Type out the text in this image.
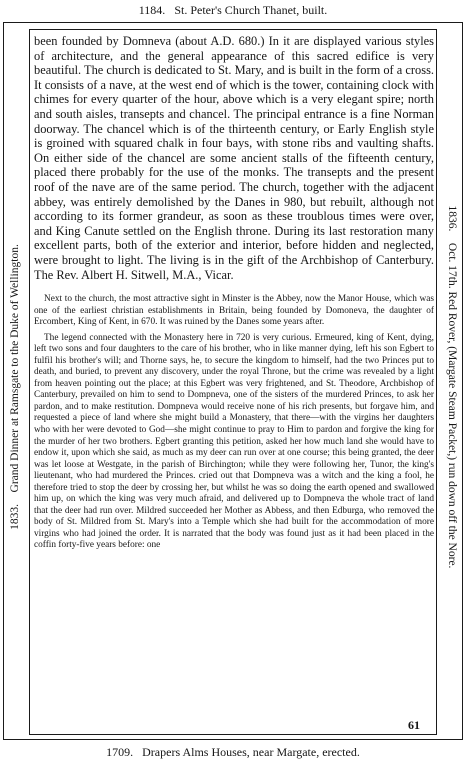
1184. St. Peter's Church Thanet, built.
1833.    Grand Dinner at Ramsgate to the Duke of Wellington.
1836.    Oct. 17th. Red Rover, (Margate Steam Packet,) run down off the Nore.

been founded by Domneva (about A.D. 680.) In it are displayed various styles of architecture, and the general appearance of this sacred edifice is very beautiful. The church is dedicated to St. Mary, and is built in the form of a cross. It consists of a nave, at the west end of which is the tower, containing clock with chimes for every quarter of the hour, above which is a very elegant spire; north and south aisles, transepts and chancel. The principal entrance is a fine Norman doorway. The chancel which is of the thirteenth century, or Early English style is groined with squared chalk in four bays, with stone ribs and vaulting shafts. On either side of the chancel are some ancient stalls of the fifteenth century, placed there probably for the use of the monks. The transepts and the present roof of the nave are of the same period. The church, together with the adjacent abbey, was entirely demolished by the Danes in 980, but rebuilt, although not according to its former grandeur, as soon as these troublous times were over, and King Canute settled on the English throne. During its last restoration many excellent parts, both of the exterior and interior, before hidden and neglected, were brought to light. The living is in the gift of the Archbishop of Canterbury. The Rev. Albert H. Sitwell, M.A., Vicar.

Next to the church, the most attractive sight in Minster is the Abbey, now the Manor House, which was one of the earliest christian establishments in Britain, being founded by Domoneva, the daughter of Ercombert, King of Kent, in 670. It was ruined by the Danes some years after.

The legend connected with the Monastery here in 720 is very curious. Ermeured, king of Kent, dying, left two sons and four daughters to the care of his brother, who in like manner dying, left his son Egbert to fulfil his brother's will; and Thorne says, he, to secure the kingdom to himself, had the two Princes put to death, and buried, to prevent any discovery, under the royal Throne, but the crime was revealed by a light from heaven pointing out the place; at this Egbert was very frightened, and St. Theodore, Archbishop of Canterbury, prevailed on him to send to Dompneva, one of the sisters of the murdered Princes, to ask her pardon, and to make restitution. Dompneva would receive none of his rich presents, but forgave him, and requested a piece of land where she might build a Monastery, that there—with the virgins her daughters who with her were devoted to God—she might continue to pray to Him to pardon and forgive the king for the murder of her two brothers. Egbert granting this petition, asked her how much land she would have to endow it, upon which she said, as much as my deer can run over at one course; this being granted, the deer was let loose at Westgate, in the parish of Birchington; while they were following her, Tunor, the king's lieutenant, who had murdered the Princes. cried out that Dompneva was a witch and the king a fool, he therefore tried to stop the deer by crossing her, but whilst he was so doing the earth opened and swallowed him up, on which the king was very much afraid, and delivered up to Dompneva the whole tract of land that the deer had run over. Mildred succeeded her Mother as Abbess, and then Edburga, who removed the body of St. Mildred from St. Mary's into a Temple which she had built for the accommodation of more virgins who had joined the order. It is narrated that the body was found just as it had been placed in the coffin forty-five years before: one

61
1709. Drapers Alms Houses, near Margate, erected.
